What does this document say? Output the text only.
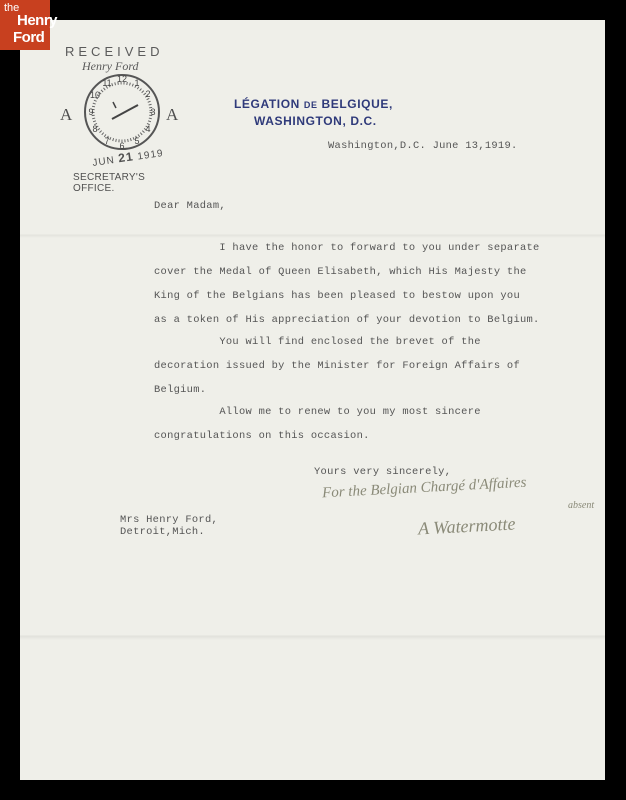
the
Henry
Ford
RECEIVED
Henry Ford
A	A
12 1
2
3
4
5
6
7
8
9
10
11
JUN 21 1919
SECRETARY'S OFFICE.
LÉGATION DE BELGIQUE,
WASHINGTON, D.C.
Washington,D.C. June 13,1919.
Dear Madam,
I have the honor to forward to you under separate
cover the Medal of Queen Elisabeth, which His Majesty the
King of the Belgians has been pleased to bestow upon you
as a token of His appreciation of your devotion to Belgium.
You will find enclosed the brevet of the
decoration issued by the Minister for Foreign Affairs of
Belgium.
Allow me to renew to you my most sincere
congratulations on this occasion.
Yours very sincerely,
For the Belgian Chargé d'Affaires
absent
A Watermotte
Mrs Henry Ford,
Detroit,Mich.
